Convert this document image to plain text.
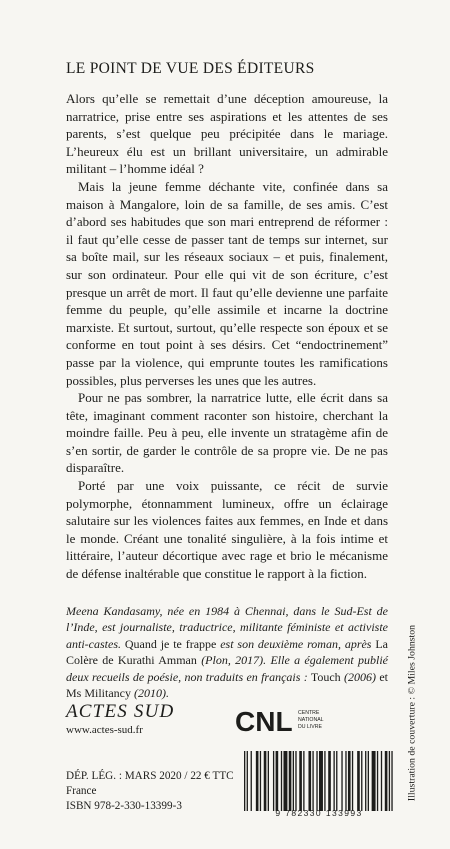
LE POINT DE VUE DES ÉDITEURS

Alors qu’elle se remettait d’une déception amoureuse, la narratrice, prise entre ses aspirations et les attentes de ses parents, s’est quelque peu précipitée dans le mariage. L’heureux élu est un brillant universitaire, un admirable militant – l’homme idéal ?

Mais la jeune femme déchante vite, confinée dans sa maison à Mangalore, loin de sa famille, de ses amis. C’est d’abord ses habitudes que son mari entreprend de réformer : il faut qu’elle cesse de passer tant de temps sur internet, sur sa boîte mail, sur les réseaux sociaux – et puis, finalement, sur son ordinateur. Pour elle qui vit de son écriture, c’est presque un arrêt de mort. Il faut qu’elle devienne une parfaite femme du peuple, qu’elle assimile et incarne la doctrine marxiste. Et surtout, surtout, qu’elle respecte son époux et se conforme en tout point à ses désirs. Cet “endoctrinement” passe par la violence, qui emprunte toutes les ramifications possibles, plus perverses les unes que les autres.

Pour ne pas sombrer, la narratrice lutte, elle écrit dans sa tête, imaginant comment raconter son histoire, cherchant la moindre faille. Peu à peu, elle invente un stratagème afin de s’en sortir, de garder le contrôle de sa propre vie. De ne pas disparaître.

Porté par une voix puissante, ce récit de survie polymorphe, étonnamment lumineux, offre un éclairage salutaire sur les violences faites aux femmes, en Inde et dans le monde. Créant une tonalité singulière, à la fois intime et littéraire, l’auteur décortique avec rage et brio le mécanisme de défense inaltérable que constitue le rapport à la fiction.

Meena Kandasamy, née en 1984 à Chennai, dans le Sud-Est de l’Inde, est journaliste, traductrice, militante féministe et activiste anti-castes. Quand je te frappe est son deuxième roman, après La Colère de Kurathi Amman (Plon, 2017). Elle a également publié deux recueils de poésie, non traduits en français : Touch (2006) et Ms Militancy (2010).
ACTES SUD
www.actes-sud.fr	CNL CENTRE
NATIONAL
DU LIVRE
DÉP. LÉG. : MARS 2020 / 22 € TTC France
ISBN 978-2-330-13399-3
9 782330 133993
Illustration de couverture : © Miles Johnston
